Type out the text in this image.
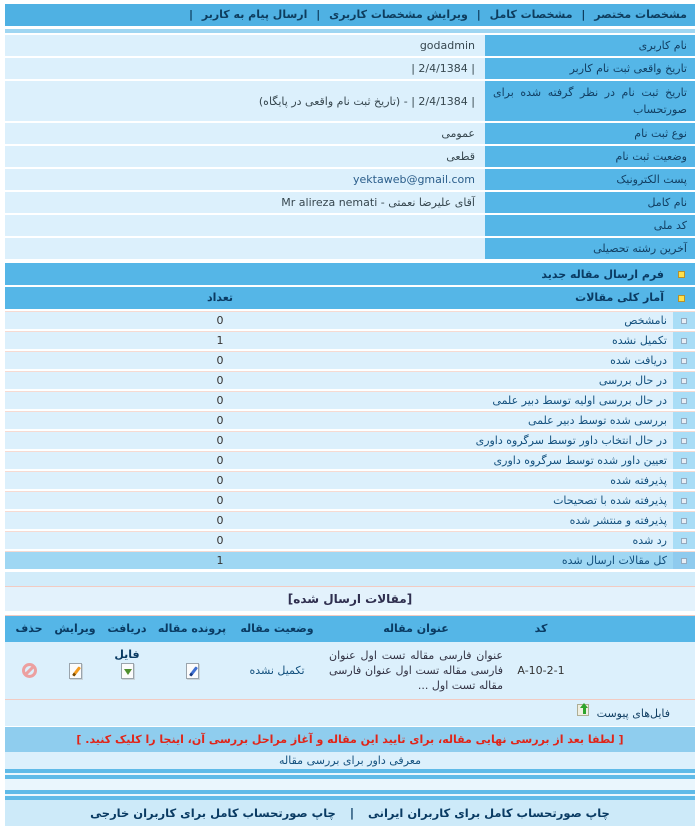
مشخصات مختصر | مشخصات کامل | ویرایش مشخصات کاربری | ارسال پیام به کاربر |
نام کاربری
godadmin
تاریخ واقعی ثبت نام کاربر
| 2/4/1384 |
تاریخ ثبت نام در نظر گرفته شده برای صورتحساب
| 2/4/1384 | - (تاریخ ثبت نام واقعی در پایگاه)
نوع ثبت نام
عمومی
وضعیت ثبت نام
قطعی
پست الکترونیک
yektaweb@gmail.com
نام کامل
Mr alireza nemati - آقای علیرضا نعمتی
کد ملی
آخرین رشته تحصیلی
فرم ارسال مقاله جدید
آمار کلی مقالات
تعداد
نامشخص
0
تکمیل نشده
1
دریافت شده
0
در حال بررسی
0
در حال بررسی اولیه توسط دبیر علمی
0
بررسی شده توسط دبیر علمی
0
در حال انتخاب داور توسط سرگروه داوری
0
تعیین داور شده توسط سرگروه داوری
0
پذیرفته شده
0
پذیرفته شده با تصحیحات
0
پذیرفته و منتشر شده
0
رد شده
0
کل مقالات ارسال شده
1
[مقالات ارسال شده]
کد
عنوان مقاله
وضعیت مقاله
پرونده مقاله
دریافت فایل
ویرایش
حذف
A-10-2-1
عنوان فارسی مقاله تست اول عنوان فارسی مقاله تست اول عنوان فارسی مقاله تست اول ...
تکمیل نشده
فایل‌های پیوست
[ لطفا بعد از بررسی نهایی مقاله، برای تایید این مقاله و آغاز مراحل بررسی آن، اینجا را کلیک کنید. ]
معرفی داور برای بررسی مقاله
چاپ صورتحساب کامل برای کاربران ایرانی | چاپ صورتحساب کامل برای کاربران خارجی
